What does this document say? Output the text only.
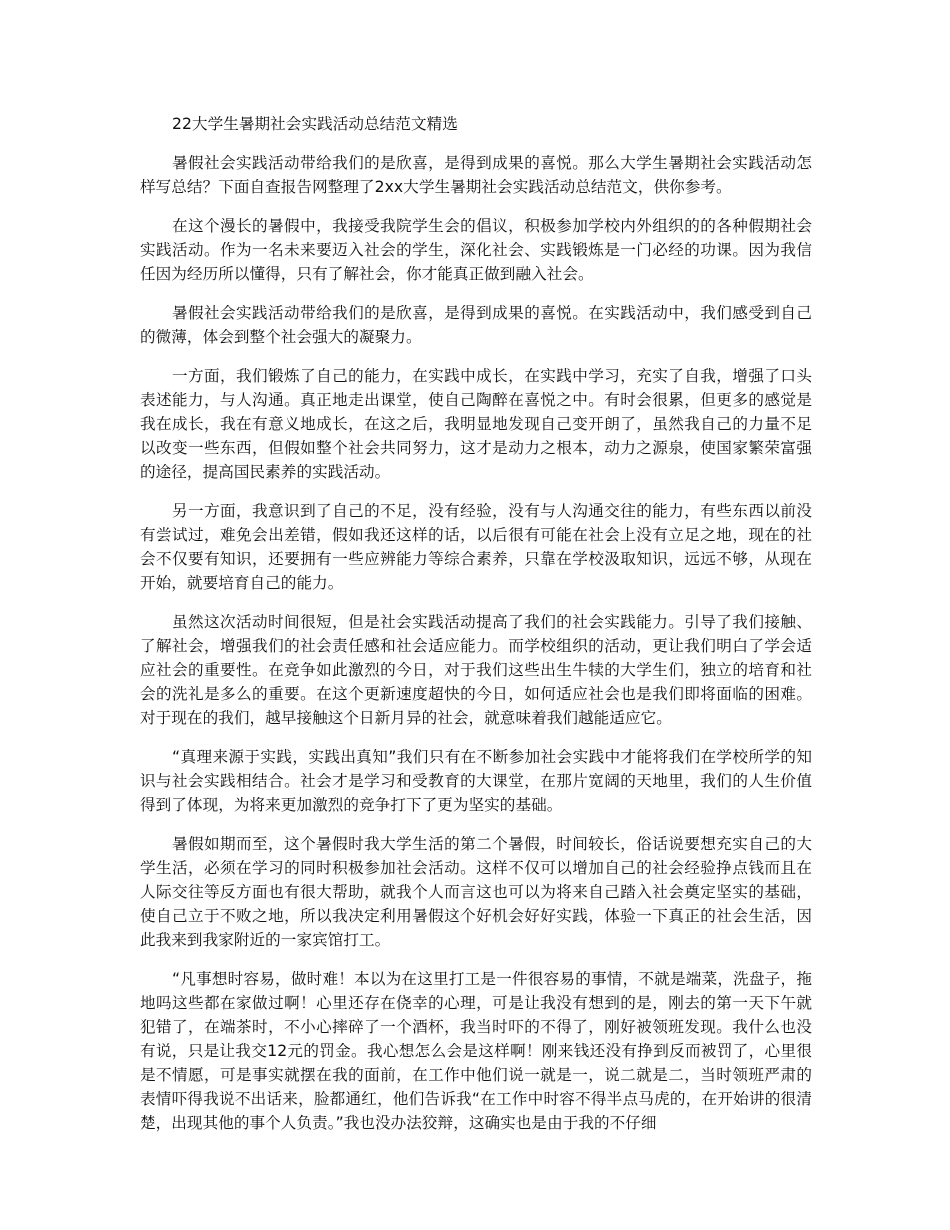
22大学生暑期社会实践活动总结范文精选

暑假社会实践活动带给我们的是欣喜，是得到成果的喜悦。那么大学生暑期社会实践活动怎样写总结？下面自查报告网整理了2xx大学生暑期社会实践活动总结范文，供你参考。

在这个漫长的暑假中，我接受我院学生会的倡议，积极参加学校内外组织的的各种假期社会实践活动。作为一名未来要迈入社会的学生，深化社会、实践锻炼是一门必经的功课。因为我信任因为经历所以懂得，只有了解社会，你才能真正做到融入社会。

暑假社会实践活动带给我们的是欣喜，是得到成果的喜悦。在实践活动中，我们感受到自己的微薄，体会到整个社会强大的凝聚力。

一方面，我们锻炼了自己的能力，在实践中成长，在实践中学习，充实了自我，增强了口头表述能力，与人沟通。真正地走出课堂，使自己陶醉在喜悦之中。有时会很累，但更多的感觉是我在成长，我在有意义地成长，在这之后，我明显地发现自己变开朗了，虽然我自己的力量不足以改变一些东西，但假如整个社会共同努力，这才是动力之根本，动力之源泉，使国家繁荣富强的途径，提高国民素养的实践活动。

另一方面，我意识到了自己的不足，没有经验，没有与人沟通交往的能力，有些东西以前没有尝试过，难免会出差错，假如我还这样的话，以后很有可能在社会上没有立足之地，现在的社会不仅要有知识，还要拥有一些应辨能力等综合素养，只靠在学校汲取知识，远远不够，从现在开始，就要培育自己的能力。

虽然这次活动时间很短，但是社会实践活动提高了我们的社会实践能力。引导了我们接触、了解社会，增强我们的社会责任感和社会适应能力。而学校组织的活动，更让我们明白了学会适应社会的重要性。在竞争如此激烈的今日，对于我们这些出生牛犊的大学生们，独立的培育和社会的洗礼是多么的重要。在这个更新速度超快的今日，如何适应社会也是我们即将面临的困难。对于现在的我们，越早接触这个日新月异的社会，就意味着我们越能适应它。

“真理来源于实践，实践出真知”我们只有在不断参加社会实践中才能将我们在学校所学的知识与社会实践相结合。社会才是学习和受教育的大课堂，在那片宽阔的天地里，我们的人生价值得到了体现，为将来更加激烈的竞争打下了更为坚实的基础。

暑假如期而至，这个暑假时我大学生活的第二个暑假，时间较长，俗话说要想充实自己的大学生活，必须在学习的同时积极参加社会活动。这样不仅可以增加自己的社会经验挣点钱而且在人际交往等反方面也有很大帮助，就我个人而言这也可以为将来自己踏入社会奠定坚实的基础，使自己立于不败之地，所以我决定利用暑假这个好机会好好实践，体验一下真正的社会生活，因此我来到我家附近的一家宾馆打工。

“凡事想时容易，做时难！本以为在这里打工是一件很容易的事情，不就是端菜，洗盘子，拖地吗这些都在家做过啊！心里还存在侥幸的心理，可是让我没有想到的是，刚去的第一天下午就犯错了，在端茶时，不小心摔碎了一个酒杯，我当时吓的不得了，刚好被领班发现。我什么也没有说，只是让我交12元的罚金。我心想怎么会是这样啊！刚来钱还没有挣到反而被罚了，心里很是不情愿，可是事实就摆在我的面前，在工作中他们说一就是一，说二就是二，当时领班严肃的表情吓得我说不出话来，脸都通红，他们告诉我“在工作中时容不得半点马虎的，在开始讲的很清楚，出现其他的事个人负责。”我也没办法狡辩，这确实也是由于我的不仔细
